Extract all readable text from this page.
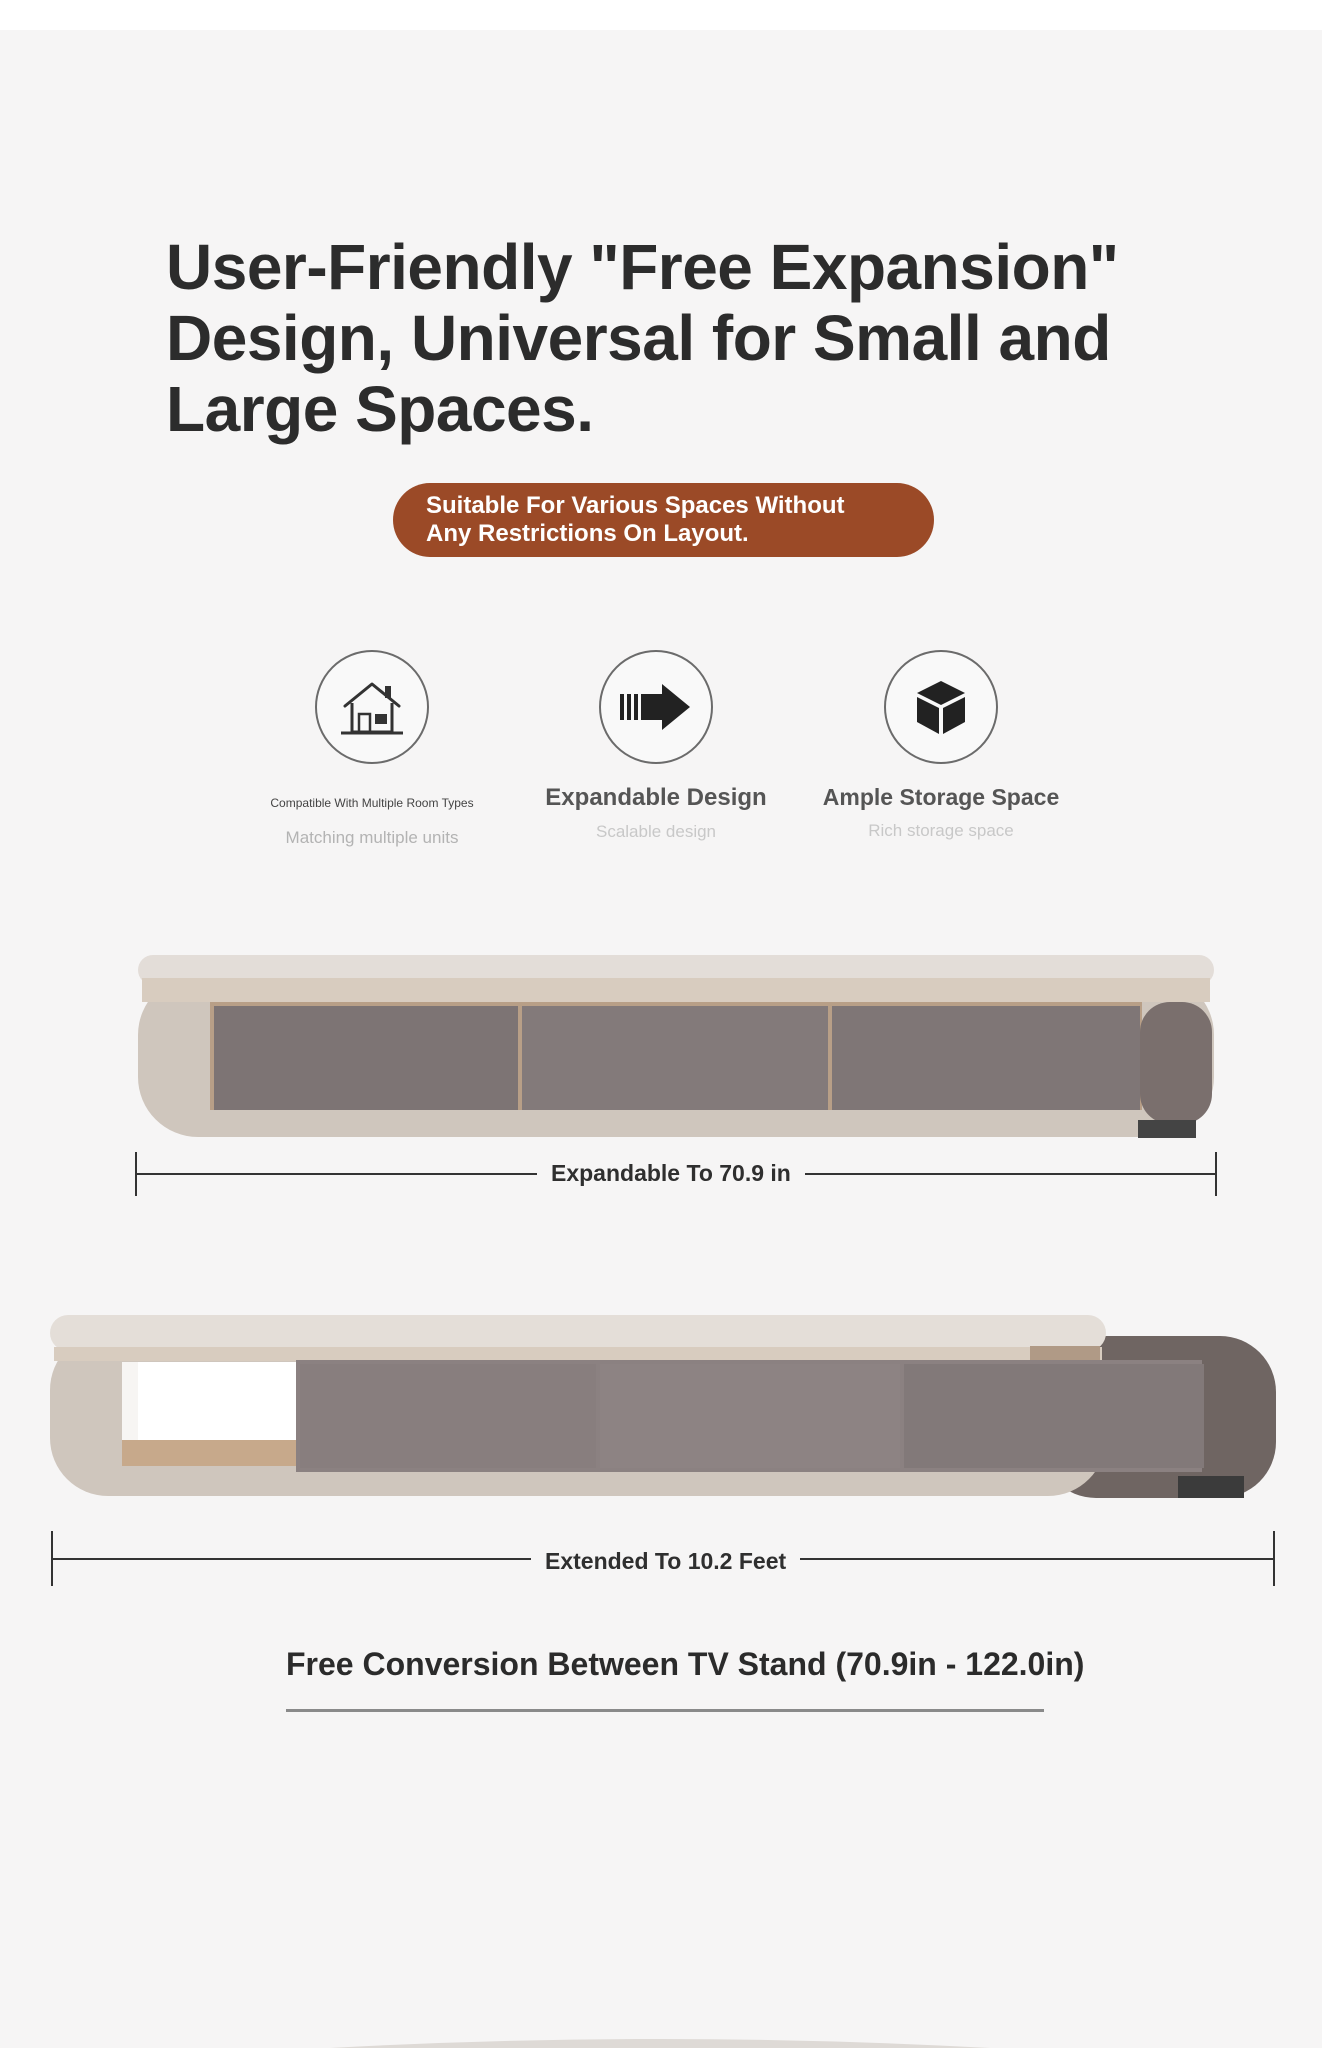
User-Friendly "Free Expansion"
Design, Universal for Small and
Large Spaces.
Suitable For Various Spaces Without
Any Restrictions On Layout.
Compatible With Multiple Room Types
Matching multiple units
Expandable Design
Scalable design
Ample Storage Space
Rich storage space
Expandable To 70.9 in
Extended To 10.2 Feet
Free Conversion Between TV Stand (70.9in - 122.0in)
